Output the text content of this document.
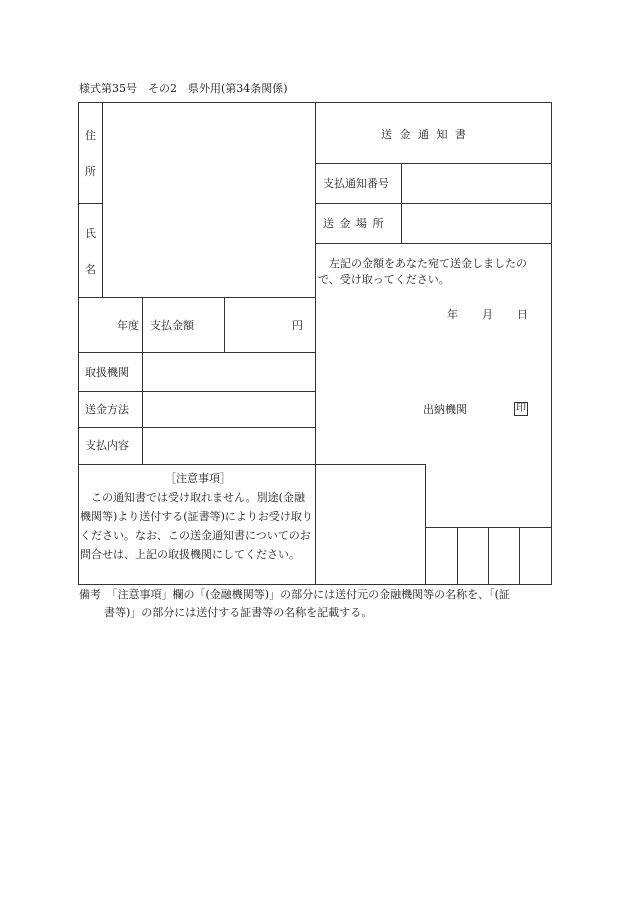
様式第35号　その2　県外用(第34条関係)
住
所
氏
名
年度 支払金額	円
取扱機関
送金方法
支払内容
［注意事項］
　この通知書では受け取れません。別途(金融機関等)より送付する(証書等)によりお受け取りください。なお、この送金通知書についてのお問合せは、上記の取扱機関にしてください。
送 金 通 知 書
支払通知番号
送 金 場 所
　左記の金額をあなた宛て送金しましたの
で、受け取ってください。
年 月 日
出納機関	印
備考　「注意事項」欄の「(金融機関等)」の部分には送付元の金融機関等の名称を、「(証
書等)」の部分には送付する証書等の名称を記載する。
